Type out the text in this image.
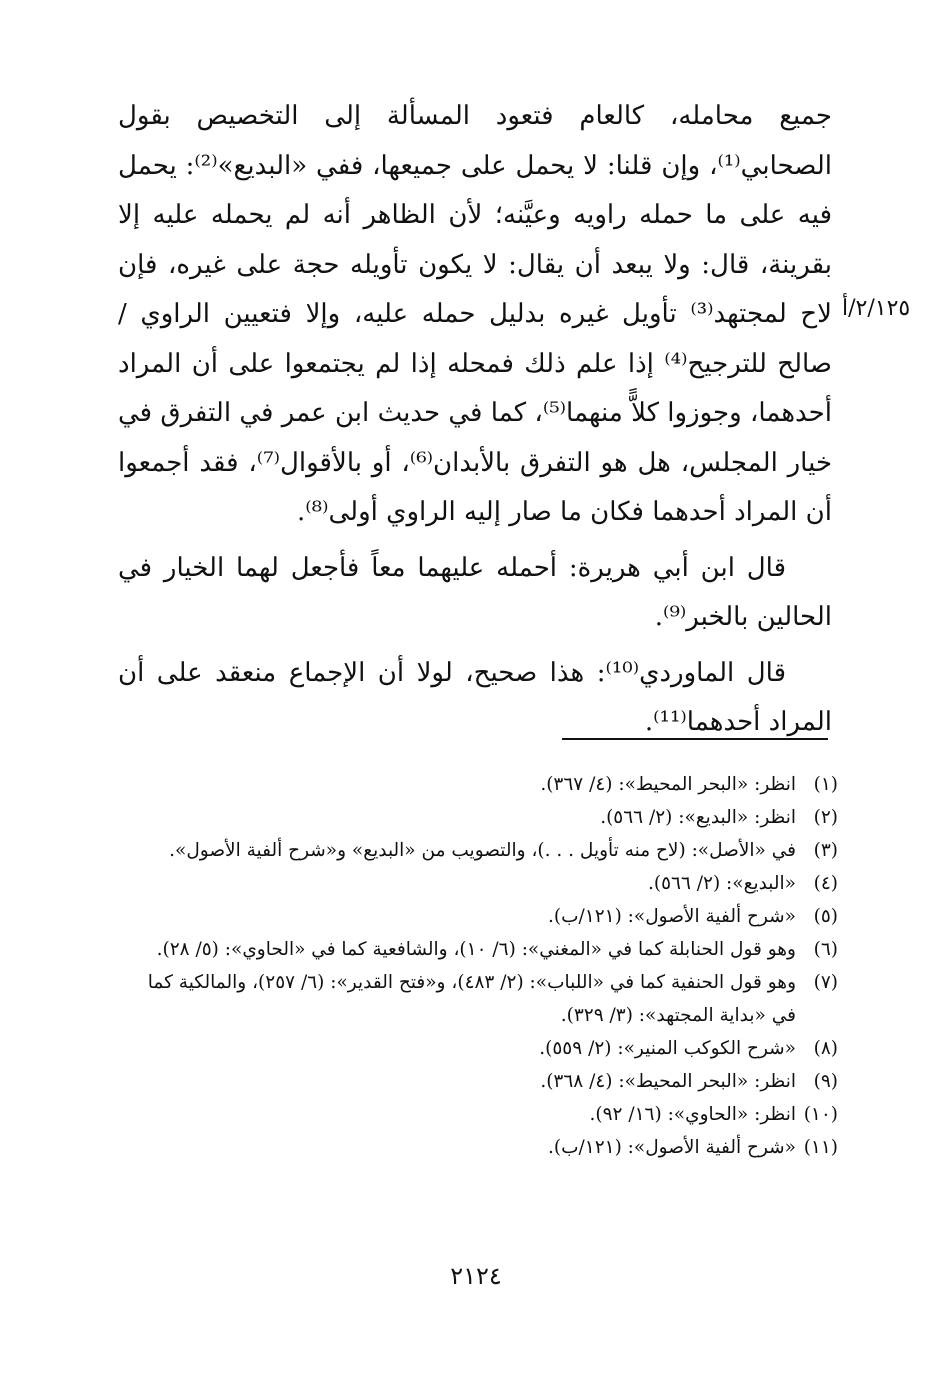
٢/١٢٥/أ

جميع محامله، كالعام فتعود المسألة إلى التخصيص بقول الصحابي⁽¹⁾، وإن قلنا: لا يحمل على جميعها، ففي «البديع»⁽²⁾: يحمل فيه على ما حمله راويه وعيَّنه؛ لأن الظاهر أنه لم يحمله عليه إلا بقرينة، قال: ولا يبعد أن يقال: لا يكون تأويله حجة على غيره، فإن لاح لمجتهد⁽³⁾ تأويل غيره بدليل حمله عليه، وإلا فتعيين الراوي / صالح للترجيح⁽⁴⁾ إذا علم ذلك فمحله إذا لم يجتمعوا على أن المراد أحدهما، وجوزوا كلاًّ منهما⁽⁵⁾، كما في حديث ابن عمر في التفرق في خيار المجلس، هل هو التفرق بالأبدان⁽⁶⁾، أو بالأقوال⁽⁷⁾، فقد أجمعوا أن المراد أحدهما فكان ما صار إليه الراوي أولى⁽⁸⁾.

قال ابن أبي هريرة: أحمله عليهما معاً فأجعل لهما الخيار في الحالين بالخبر⁽⁹⁾.

قال الماوردي⁽¹⁰⁾: هذا صحيح، لولا أن الإجماع منعقد على أن المراد أحدهما⁽¹¹⁾.

(١)
انظر: «البحر المحيط»: (٤/ ٣٦٧).
(٢)
انظر: «البديع»: (٢/ ٥٦٦).
(٣)
في «الأصل»: (لاح منه تأويل . . .)، والتصويب من «البديع» و«شرح ألفية الأصول».
(٤)
«البديع»: (٢/ ٥٦٦).
(٥)
«شرح ألفية الأصول»: (١٢١/ب).
(٦)
وهو قول الحنابلة كما في «المغني»: (٦/ ١٠)، والشافعية كما في «الحاوي»: (٥/ ٢٨).
(٧)
وهو قول الحنفية كما في «اللباب»: (٢/ ٤٨٣)، و«فتح القدير»: (٦/ ٢٥٧)، والمالكية كما في «بداية المجتهد»: (٣/ ٣٢٩).
(٨)
«شرح الكوكب المنير»: (٢/ ٥٥٩).
(٩)
انظر: «البحر المحيط»: (٤/ ٣٦٨).
(١٠)
انظر: «الحاوي»: (١٦/ ٩٢).
(١١)
«شرح ألفية الأصول»: (١٢١/ب).
٢١٢٤
